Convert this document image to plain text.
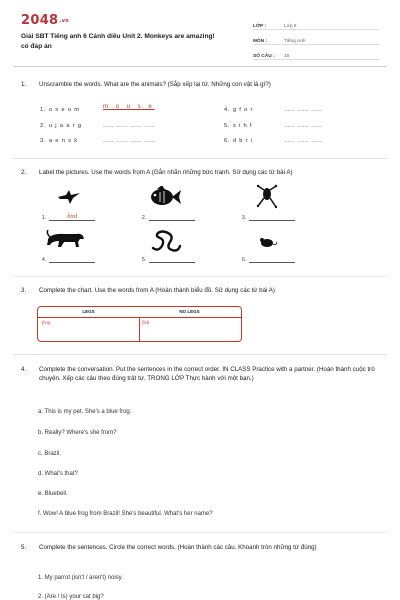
2048.vn
Giải SBT Tiếng anh 6 Cánh diều Unit 2. Monkeys are amazing! có đáp án
LỚP :	Lớp 6
MÔN :	Tiếng Anh
SỐ CÂU :	16
1. Unscramble the words. What are the animals? (Sắp xếp lại từ. Những con vật là gì?)
1. o s e u m	m o u s e
2. u j a a r g	___ ___ ___ ___
3. a e n s k	___ ___ ___ ___
4. g f o r	___ ___ ___
5. s i h f	___ ___ ___
6. d b r i	___ ___ ___
2. Label the pictures. Use the words from A (Gắn nhãn những bức tranh. Sử dụng các từ bài A)
1.	bird	2.	3.
4.	5.	6.
3. Complete the chart. Use the words from A (Hoàn thành biểu đồ. Sử dụng các từ bài A)
LEGS	NO LEGS
frog	fish
4. Complete the conversation. Put the sentences in the correct order. IN CLASS Practice with a partner. (Hoàn thành cuộc trò chuyện. Xếp các câu theo đúng trật tự. TRONG LỚP Thực hành với một bạn.)
a. This is my pet. She's a blue frog.
b. Really? Where's she from?
c. Brazil.
d. What's that?
e. Bluebell.
f. Wow! A blue frog from Brazil! She's beautiful. What's her name?
5. Complete the sentences. Circle the correct words. (Hoàn thành các câu. Khoanh tròn những từ đúng)
1. My parrot (isn't / aren't) noisy.
2. (Are / Is) your cat big?
